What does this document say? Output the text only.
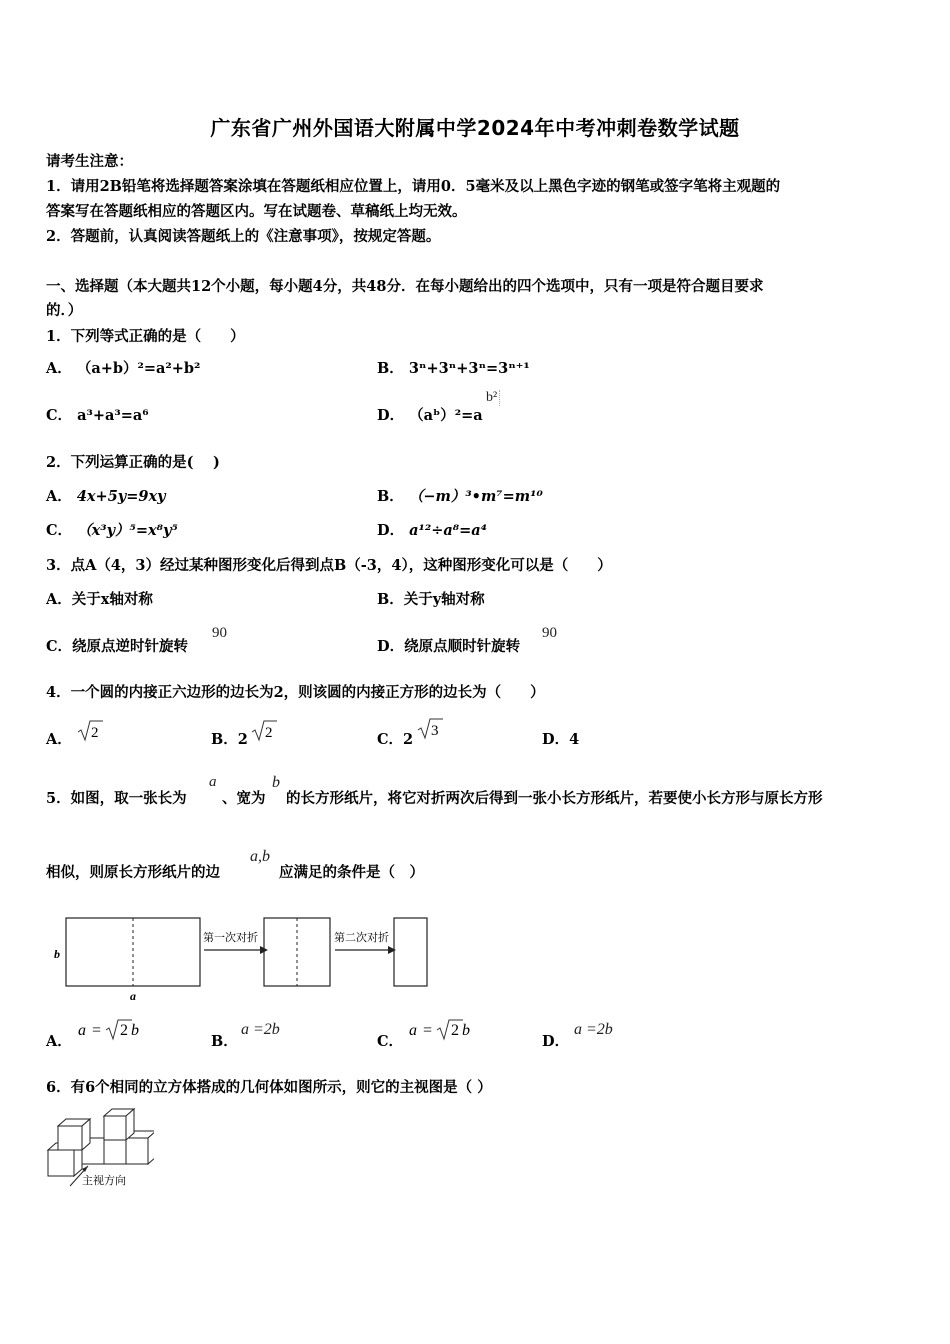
广东省广州外国语大附属中学2024年中考冲刺卷数学试题
请考生注意：
1．请用2B铅笔将选择题答案涂填在答题纸相应位置上，请用0．5毫米及以上黑色字迹的钢笔或签字笔将主观题的
答案写在答题纸相应的答题区内。写在试题卷、草稿纸上均无效。
2．答题前，认真阅读答题纸上的《注意事项》，按规定答题。
一、选择题（本大题共12个小题，每小题4分，共48分．在每小题给出的四个选项中，只有一项是符合题目要求
的．）
1．下列等式正确的是（　　）
A． （a+b）²=a²+b²	B． 3ⁿ+3ⁿ+3ⁿ=3ⁿ⁺¹
C． a³+a³=a⁶	D． （aᵇ）²=a
b²
2．下列运算正确的是(　 )
A． 4x+5y=9xy	B． （−m）³•m⁷=m¹⁰
C． （x³y）⁵=x⁸y⁵	D． a¹²÷a⁸=a⁴
3．点A（4，3）经过某种图形变化后得到点B（-3，4），这种图形变化可以是（　　）
A．关于x轴对称	B．关于y轴对称
C．绕原点逆时针旋转
90
D．绕原点顺时针旋转
90
4．一个圆的内接正六边形的边长为2，则该圆的内接正方形的边长为（　　）
A． 2	B．2 2	C．2 3	D．4
5．如图，取一张长为
a
、宽为
b
的长方形纸片，将它对折两次后得到一张小长方形纸片，若要使小长方形与原长方形
相似，则原长方形纸片的边
a,b
应满足的条件是（　）
b
a
第一次对折	第二次对折
A．
a = 2 b
B．
a =2b
C．
a = 2 b
D．
a =2b
6．有6个相同的立方体搭成的几何体如图所示，则它的主视图是（ ）
主视方向
